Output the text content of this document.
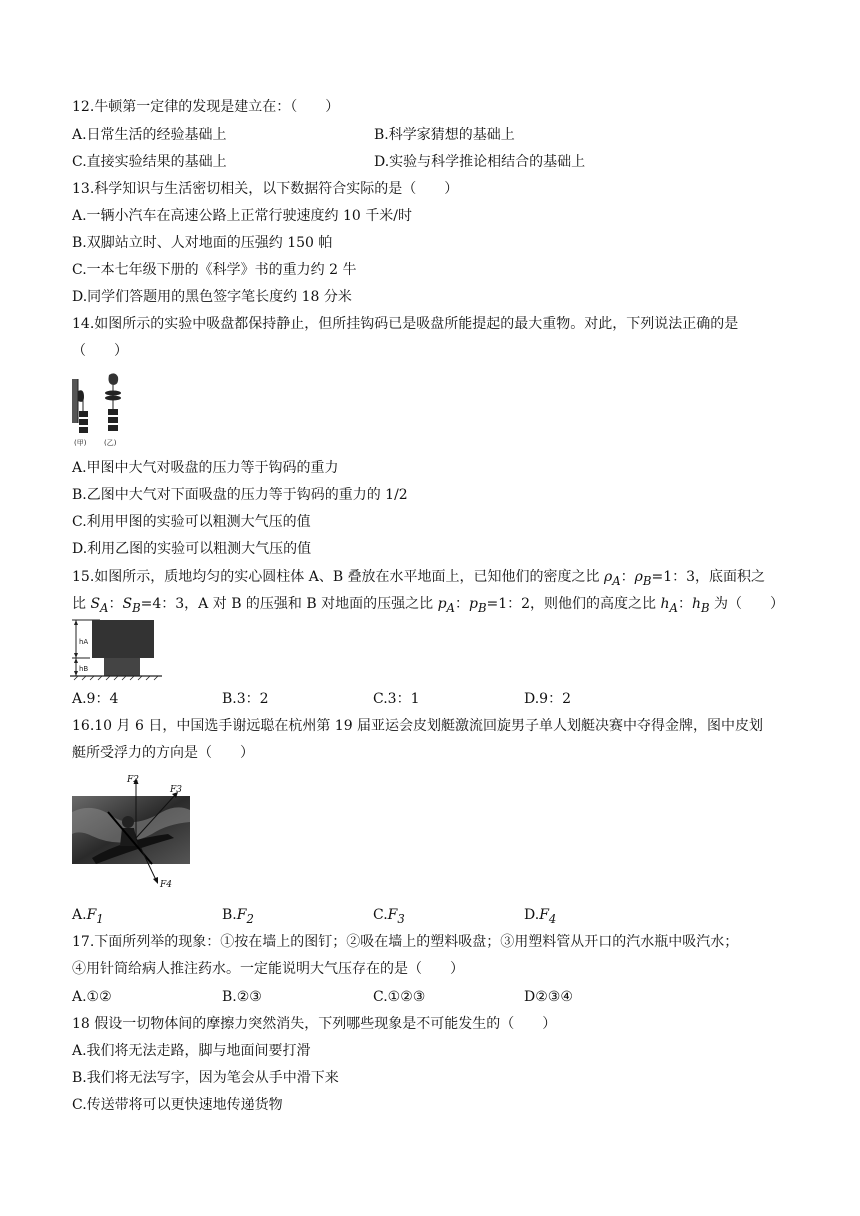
12.牛顿第一定律的发现是建立在：（　　）
A.日常生活的经验基础上	B.科学家猜想的基础上
C.直接实验结果的基础上	D.实验与科学推论相结合的基础上
13.科学知识与生活密切相关，以下数据符合实际的是（　　）
A.一辆小汽车在高速公路上正常行驶速度约 10 千米/时
B.双脚站立时、人对地面的压强约 150 帕
C.一本七年级下册的《科学》书的重力约 2 牛
D.同学们答题用的黑色签字笔长度约 18 分米
14.如图所示的实验中吸盘都保持静止，但所挂钩码已是吸盘所能提起的最大重物。对此，下列说法正确的是
（　　）
(甲)	(乙)
A.甲图中大气对吸盘的压力等于钩码的重力
B.乙图中大气对下面吸盘的压力等于钩码的重力的 1/2
C.利用甲图的实验可以粗测大气压的值
D.利用乙图的实验可以粗测大气压的值
15.如图所示，质地均匀的实心圆柱体 A、B 叠放在水平地面上，已知他们的密度之比 $\rho_A$：$\rho_B=1$：3，底面积之
比 $S_A$：$S_B=4$：3，A 对 B 的压强和 B 对地面的压强之比 $p_A$：$p_B=1$：2，则他们的高度之比 $h_A$：$h_B$ 为（　　）
hA
hB
A.9：4	B.3：2	C.3：1	D.9：2
16.10 月 6 日，中国选手谢远聪在杭州第 19 届亚运会皮划艇激流回旋男子单人划艇决赛中夺得金牌，图中皮划
艇所受浮力的方向是（　　）
F2
F3
F4
$A.F_1$	$B.F_2$	$C.F_3$	$D.F_4$
17.下面所列举的现象：①按在墙上的图钉；②吸在墙上的塑料吸盘；③用塑料管从开口的汽水瓶中吸汽水；
④用针筒给病人推注药水。一定能说明大气压存在的是（　　）
A.①②	B.②③	C.①②③	D②③④
18 假设一切物体间的摩擦力突然消失，下列哪些现象是不可能发生的（　　）
A.我们将无法走路，脚与地面间要打滑
B.我们将无法写字，因为笔会从手中滑下来
C.传送带将可以更快速地传递货物
